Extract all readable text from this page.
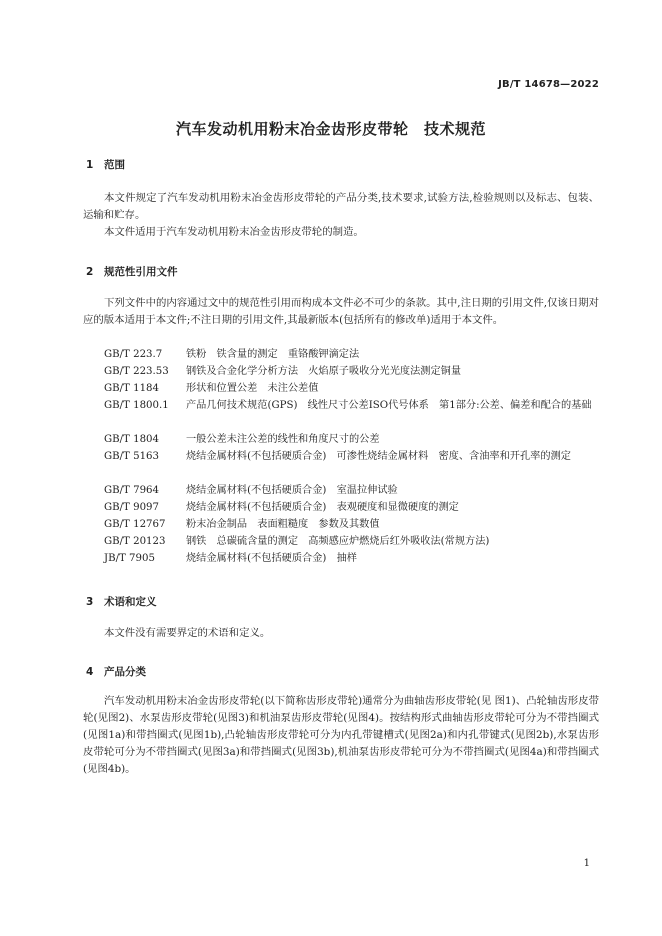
JB/T 14678—2022
汽车发动机用粉末冶金齿形皮带轮　技术规范
1 范围

本文件规定了汽车发动机用粉末冶金齿形皮带轮的产品分类,技术要求,试验方法,检验规则以及标志、包装、运输和贮存。

本文件适用于汽车发动机用粉末冶金齿形皮带轮的制造。

2 规范性引用文件

下列文件中的内容通过文中的规范性引用而构成本文件必不可少的条款。其中,注日期的引用文件,仅该日期对应的版本适用于本文件;不注日期的引用文件,其最新版本(包括所有的修改单)适用于本文件。

GB/T 223.7 铁粉　铁含量的测定　重铬酸钾滴定法

GB/T 223.53 钢铁及合金化学分析方法　火焰原子吸收分光光度法测定铜量

GB/T 1184	形状和位置公差　未注公差值

GB/T 1800.1 产品几何技术规范(GPS)　线性尺寸公差ISO代号体系　第1部分:公差、偏差和配合的基础

GB/T 1804	一般公差未注公差的线性和角度尺寸的公差

GB/T 5163	烧结金属材料(不包括硬质合金)　可渗性烧结金属材料　密度、含油率和开孔率的测定

GB/T 7964	烧结金属材料(不包括硬质合金)　室温拉伸试验

GB/T 9097	烧结金属材料(不包括硬质合金)　表观硬度和显微硬度的测定

GB/T 12767 粉末冶金制品　表面粗糙度　参数及其数值

GB/T 20123 钢铁　总碳硫含量的测定　高频感应炉燃烧后红外吸收法(常规方法)

JB/T 7905	烧结金属材料(不包括硬质合金)　抽样

3 术语和定义

本文件没有需要界定的术语和定义。

4 产品分类

汽车发动机用粉末冶金齿形皮带轮(以下简称齿形皮带轮)通常分为曲轴齿形皮带轮(见 图1)、凸轮轴齿形皮带轮(见图2)、水泵齿形皮带轮(见图3)和机油泵齿形皮带轮(见图4)。按结构形式曲轴齿形皮带轮可分为不带挡圈式(见图1a)和带挡圈式(见图1b),凸轮轴齿形皮带轮可分为内孔带键槽式(见图2a)和内孔带键式(见图2b),水泵齿形皮带轮可分为不带挡圈式(见图3a)和带挡圈式(见图3b),机油泵齿形皮带轮可分为不带挡圈式(见图4a)和带挡圈式(见图4b)。

1
